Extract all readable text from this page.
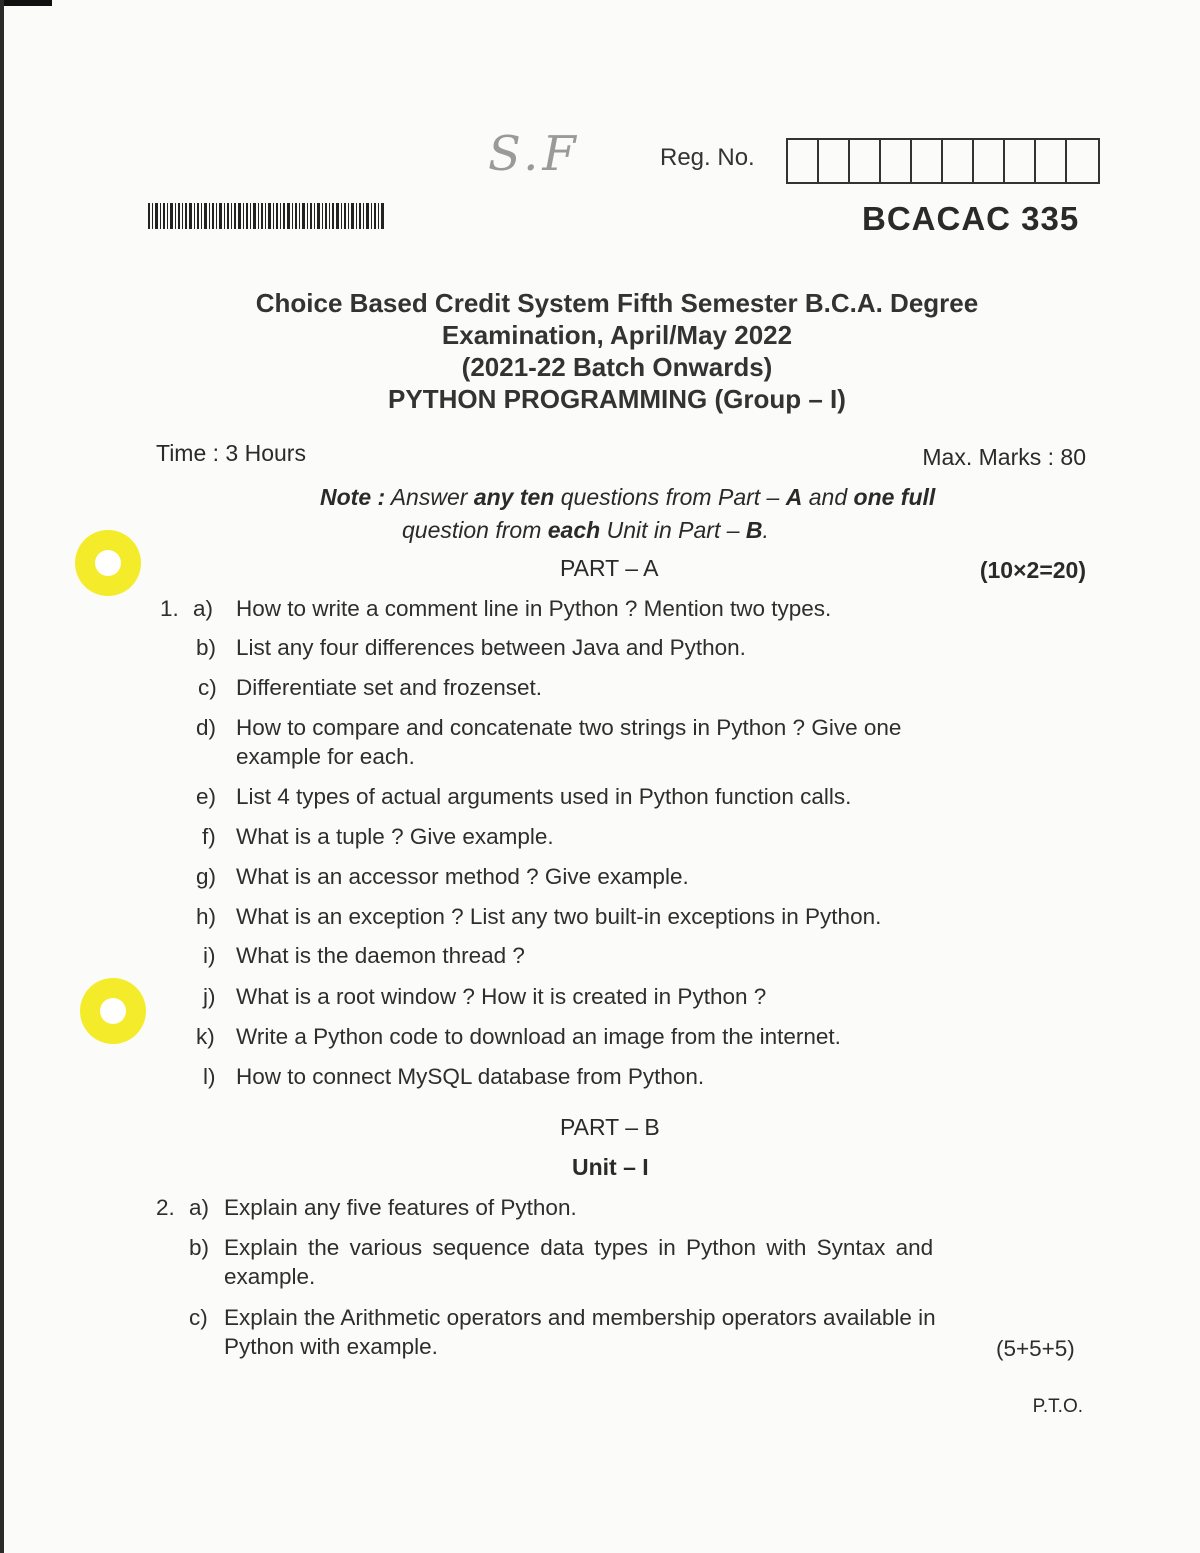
S.F	Reg. No.
BCACAC 335
Choice Based Credit System Fifth Semester B.C.A. Degree
Examination, April/May 2022
(2021-22 Batch Onwards)
PYTHON PROGRAMMING (Group – I)
Time : 3 Hours	Max. Marks : 80
Note : Answer any ten questions from Part – A and one full
question from each Unit in Part – B.
PART – A	(10×2=20)
1. a) How to write a comment line in Python ? Mention two types.
b) List any four differences between Java and Python.
c) Differentiate set and frozenset.
d) How to compare and concatenate two strings in Python ? Give one
example for each.
e) List 4 types of actual arguments used in Python function calls.
f) What is a tuple ? Give example.
g) What is an accessor method ? Give example.
h) What is an exception ? List any two built-in exceptions in Python.
i) What is the daemon thread ?
j) What is a root window ? How it is created in Python ?
k) Write a Python code to download an image from the internet.
l) How to connect MySQL database from Python.
PART – B
Unit – I
2. a) Explain any five features of Python.
b) Explain the various sequence data types in Python with Syntax and
example.
c) Explain the Arithmetic operators and membership operators available in
Python with example.	(5+5+5)
P.T.O.
